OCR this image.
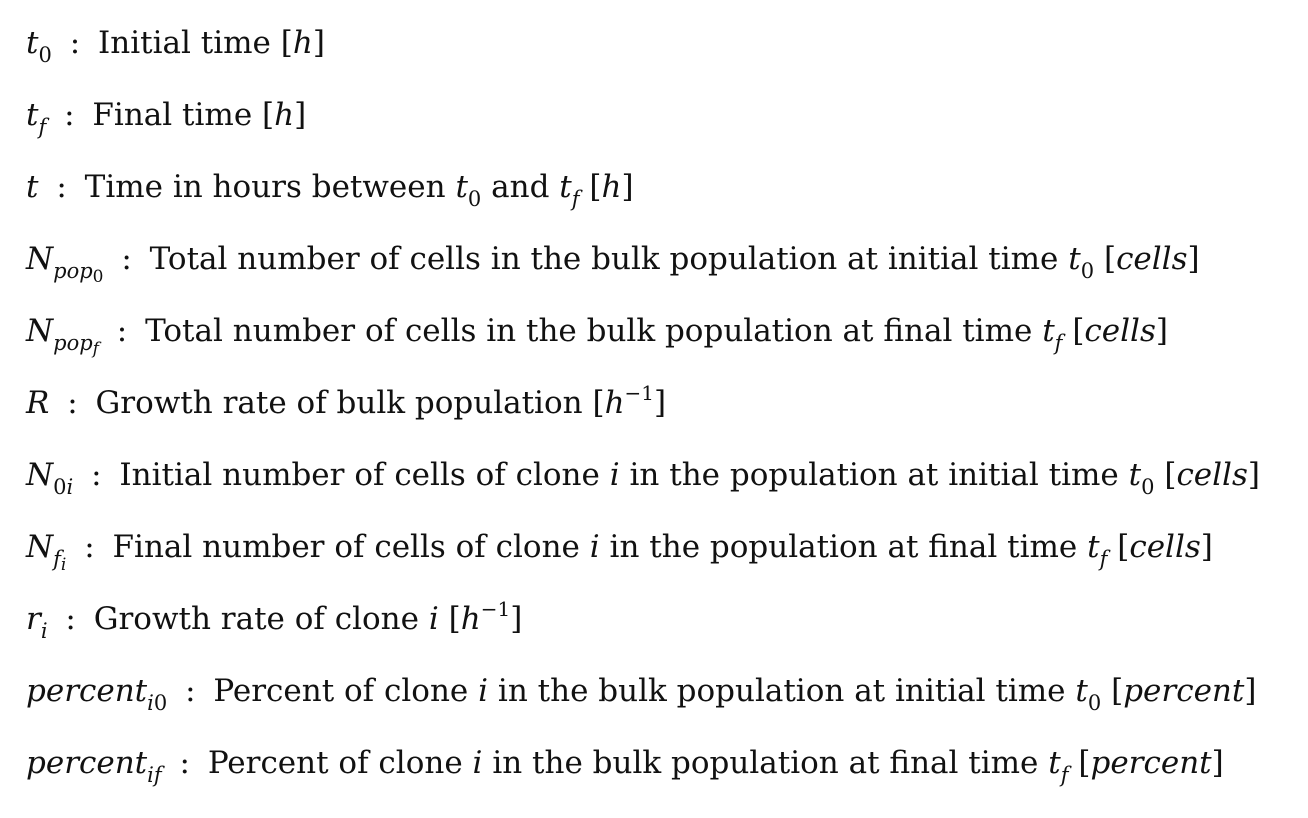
$t_0$ : Initial time [h]
$t_f$ : Final time [h]
t : Time in hours between $t_0$ and $t_f$ [h]
$N_{pop0}$ : Total number of cells in the bulk population at initial time $t_0$ [cells]
$N_{popf}$ : Total number of cells in the bulk population at final time $t_f$ [cells]
R : Growth rate of bulk population $[h^{-1}]$
$N_{0i}$ : Initial number of cells of clone i in the population at initial time $t_0$ [cells]
$N_{fi}$ : Final number of cells of clone i in the population at final time $t_f$ [cells]
$r_i$ : Growth rate of clone i $[h^{-1}]$
percent$_{i0}$ : Percent of clone i in the bulk population at initial time $t_0$ [percent]
percent$_{if}$ : Percent of clone i in the bulk population at final time $t_f$ [percent]
